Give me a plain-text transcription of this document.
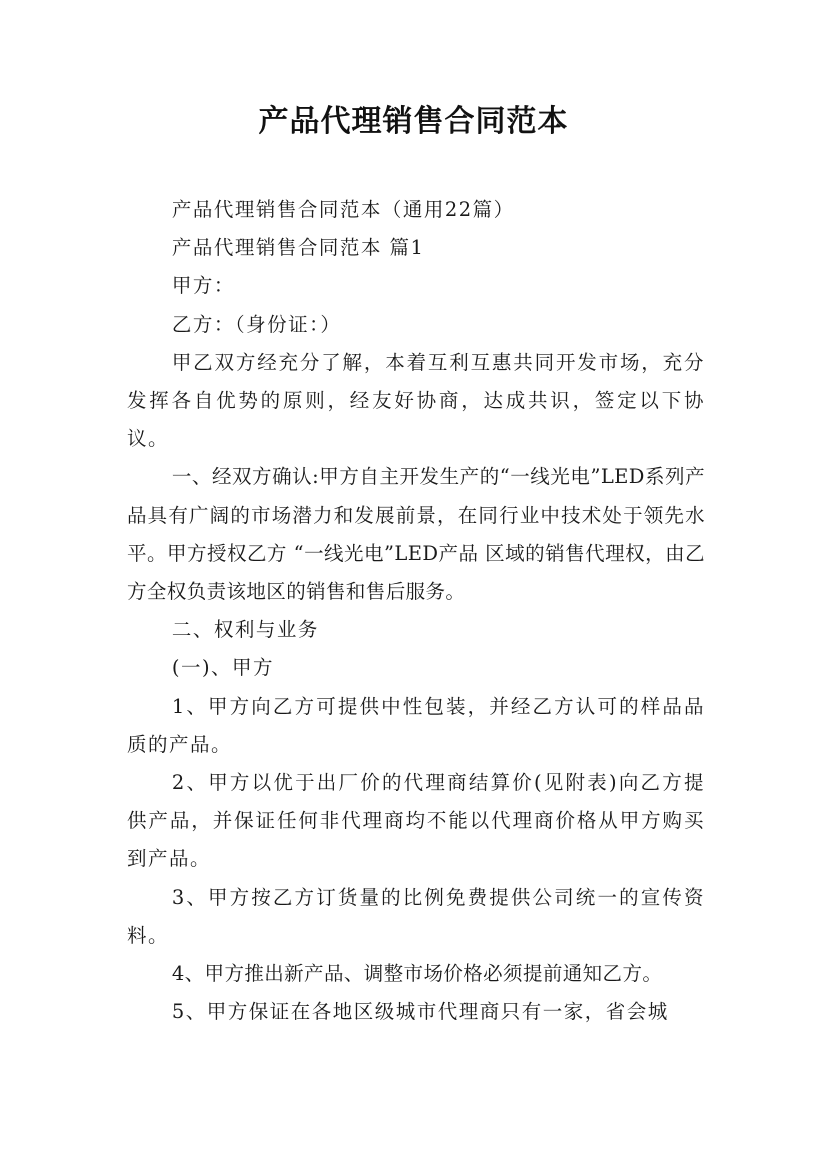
产品代理销售合同范本

产品代理销售合同范本（通用22篇）

产品代理销售合同范本 篇1

甲方：

乙方：（身份证：）

甲乙双方经充分了解，本着互利互惠共同开发市场，充分发挥各自优势的原则，经友好协商，达成共识，签定以下协议。

一、经双方确认:甲方自主开发生产的“一线光电”LED系列产品具有广阔的市场潜力和发展前景，在同行业中技术处于领先水平。甲方授权乙方 “一线光电”LED产品 区域的销售代理权，由乙方全权负责该地区的销售和售后服务。

二、权利与业务

(一)、甲方

1、甲方向乙方可提供中性包装，并经乙方认可的样品品质的产品。

2、甲方以优于出厂价的代理商结算价(见附表)向乙方提供产品，并保证任何非代理商均不能以代理商价格从甲方购买到产品。

3、甲方按乙方订货量的比例免费提供公司统一的宣传资料。

4、甲方推出新产品、调整市场价格必须提前通知乙方。

5、甲方保证在各地区级城市代理商只有一家，省会城
